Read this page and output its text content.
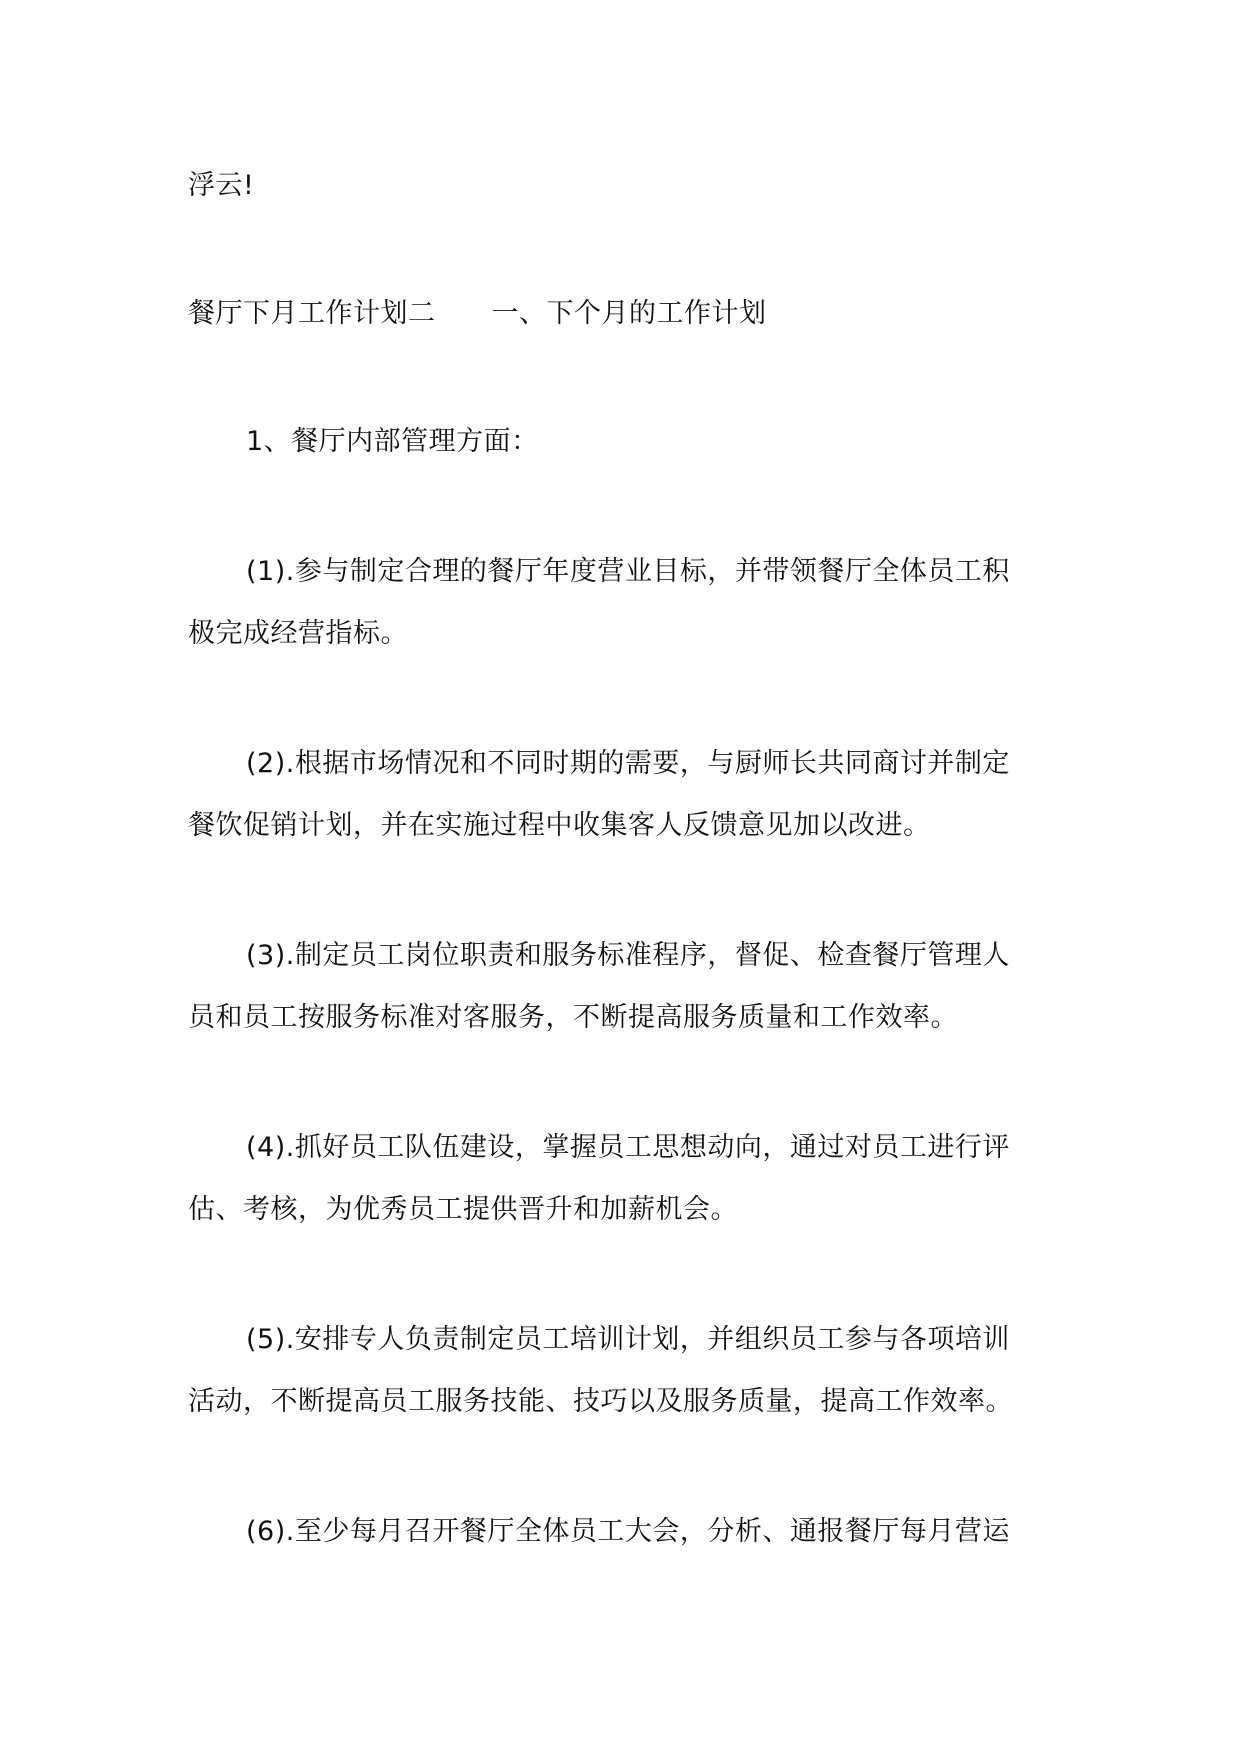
浮云!
餐厅下月工作计划二 一、下个月的工作计划
1、餐厅内部管理方面：
(1).参与制定合理的餐厅年度营业目标，并带领餐厅全体员工积
极完成经营指标。
(2).根据市场情况和不同时期的需要，与厨师长共同商讨并制定
餐饮促销计划，并在实施过程中收集客人反馈意见加以改进。
(3).制定员工岗位职责和服务标准程序，督促、检查餐厅管理人
员和员工按服务标准对客服务，不断提高服务质量和工作效率。
(4).抓好员工队伍建设，掌握员工思想动向，通过对员工进行评
估、考核，为优秀员工提供晋升和加薪机会。
(5).安排专人负责制定员工培训计划，并组织员工参与各项培训
活动，不断提高员工服务技能、技巧以及服务质量，提高工作效率。
(6).至少每月召开餐厅全体员工大会，分析、通报餐厅每月营运
